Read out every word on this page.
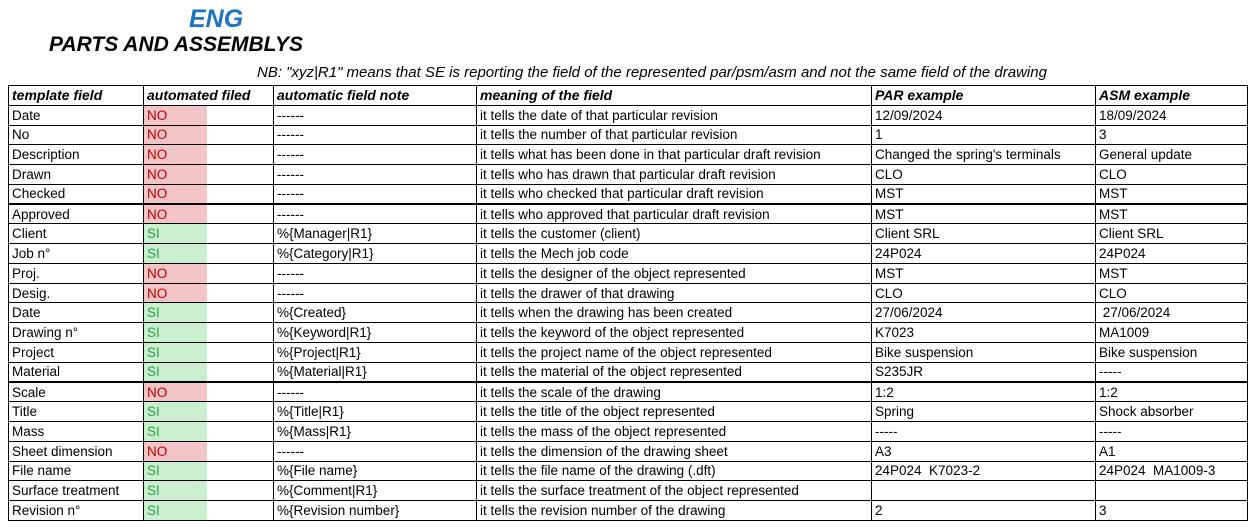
ENG
PARTS AND ASSEMBLYS
NB: "xyz|R1" means that SE is reporting the field of the represented par/psm/asm and not the same field of the drawing
template field	automated filed	automatic field note	meaning of the field	PAR example	ASM example
Date	NO	------	it tells the date of that particular revision	12/09/2024	18/09/2024
No	NO	------	it tells the number of that particular revision	1	3
Description	NO	------	it tells what has been done in that particular draft revision	Changed the spring's terminals	General update
Drawn	NO	------	it tells who has drawn that particular draft revision	CLO	CLO
Checked	NO	------	it tells who checked that particular draft revision	MST	MST
Approved	NO	------	it tells who approved that particular draft revision	MST	MST
Client	SI	%{Manager|R1}	it tells the customer (client)	Client SRL	Client SRL
Job n°	SI	%{Category|R1}	it tells the Mech job code	24P024	24P024
Proj.	NO	------	it tells the designer of the object represented	MST	MST
Desig.	NO	------	it tells the drawer of that drawing	CLO	CLO
Date	SI	%{Created}	it tells when the drawing has been created	27/06/2024	27/06/2024
Drawing n°	SI	%{Keyword|R1}	it tells the keyword of the object represented	K7023	MA1009
Project	SI	%{Project|R1}	it tells the project name of the object represented	Bike suspension	Bike suspension
Material	SI	%{Material|R1}	it tells the material of the object represented	S235JR	-----
Scale	NO	------	it tells the scale of the drawing	1:2	1:2
Title	SI	%{Title|R1}	it tells the title of the object represented	Spring	Shock absorber
Mass	SI	%{Mass|R1}	it tells the mass of the object represented	-----	-----
Sheet dimension	NO	------	it tells the dimension of the drawing sheet	A3	A1
File name	SI	%{File name}	it tells the file name of the drawing (.dft)	24P024  K7023-2	24P024  MA1009-3
Surface treatment	SI	%{Comment|R1}	it tells the surface treatment of the object represented		
Revision n°	SI	%{Revision number}	it tells the revision number of the drawing	2	3
